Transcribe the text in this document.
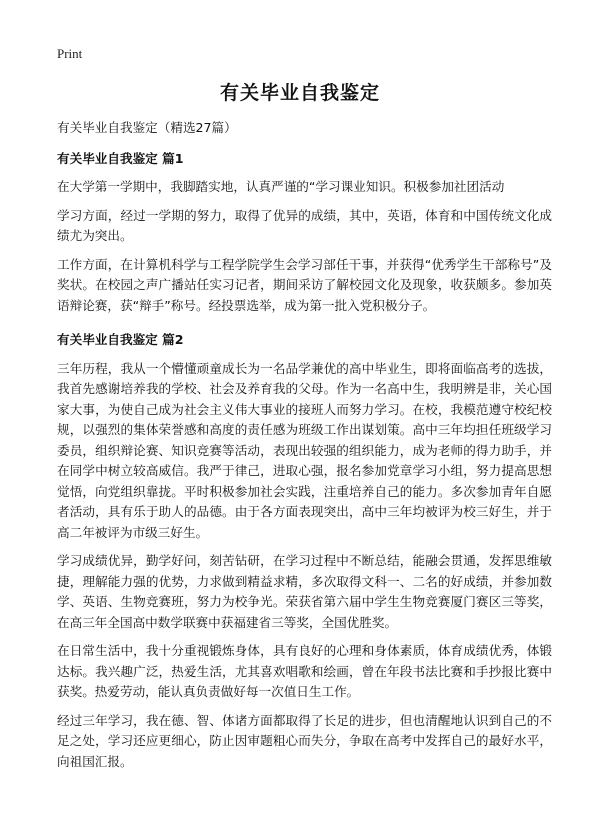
Print
有关毕业自我鉴定

有关毕业自我鉴定（精选27篇）

有关毕业自我鉴定 篇1

在大学第一学期中，我脚踏实地，认真严谨的“学习课业知识。积极参加社团活动

学习方面，经过一学期的努力，取得了优异的成绩，其中，英语，体育和中国传统文化成绩尤为突出。

工作方面，在计算机科学与工程学院学生会学习部任干事，并获得“优秀学生干部称号”及奖状。在校园之声广播站任实习记者，期间采访了解校园文化及现象，收获颇多。参加英语辩论赛，获“辩手”称号。经投票选举，成为第一批入党积极分子。

有关毕业自我鉴定 篇2

三年历程，我从一个懵懂顽童成长为一名品学兼优的高中毕业生，即将面临高考的选拔，我首先感谢培养我的学校、社会及养育我的父母。作为一名高中生，我明辨是非，关心国家大事，为使自己成为社会主义伟大事业的接班人而努力学习。在校，我模范遵守校纪校规，以强烈的集体荣誉感和高度的责任感为班级工作出谋划策。高中三年均担任班级学习委员，组织辩论赛、知识竞赛等活动，表现出较强的组织能力，成为老师的得力助手，并在同学中树立较高威信。我严于律己，进取心强，报名参加党章学习小组，努力提高思想觉悟，向党组织靠拢。平时积极参加社会实践，注重培养自己的能力。多次参加青年自愿者活动，具有乐于助人的品德。由于各方面表现突出，高中三年均被评为校三好生，并于高二年被评为市级三好生。

学习成绩优异，勤学好问，刻苦钻研，在学习过程中不断总结，能融会贯通，发挥思维敏捷，理解能力强的优势，力求做到精益求精，多次取得文科一、二名的好成绩，并参加数学、英语、生物竞赛班，努力为校争光。荣获省第六届中学生生物竞赛厦门赛区三等奖，在高三年全国高中数学联赛中获福建省三等奖，全国优胜奖。

在日常生活中，我十分重视锻炼身体，具有良好的心理和身体素质，体育成绩优秀，体锻达标。我兴趣广泛，热爱生活，尤其喜欢唱歌和绘画，曾在年段书法比赛和手抄报比赛中获奖。热爱劳动，能认真负责做好每一次值日生工作。

经过三年学习，我在德、智、体诸方面都取得了长足的进步，但也清醒地认识到自己的不足之处，学习还应更细心，防止因审题粗心而失分，争取在高考中发挥自己的最好水平，向祖国汇报。
